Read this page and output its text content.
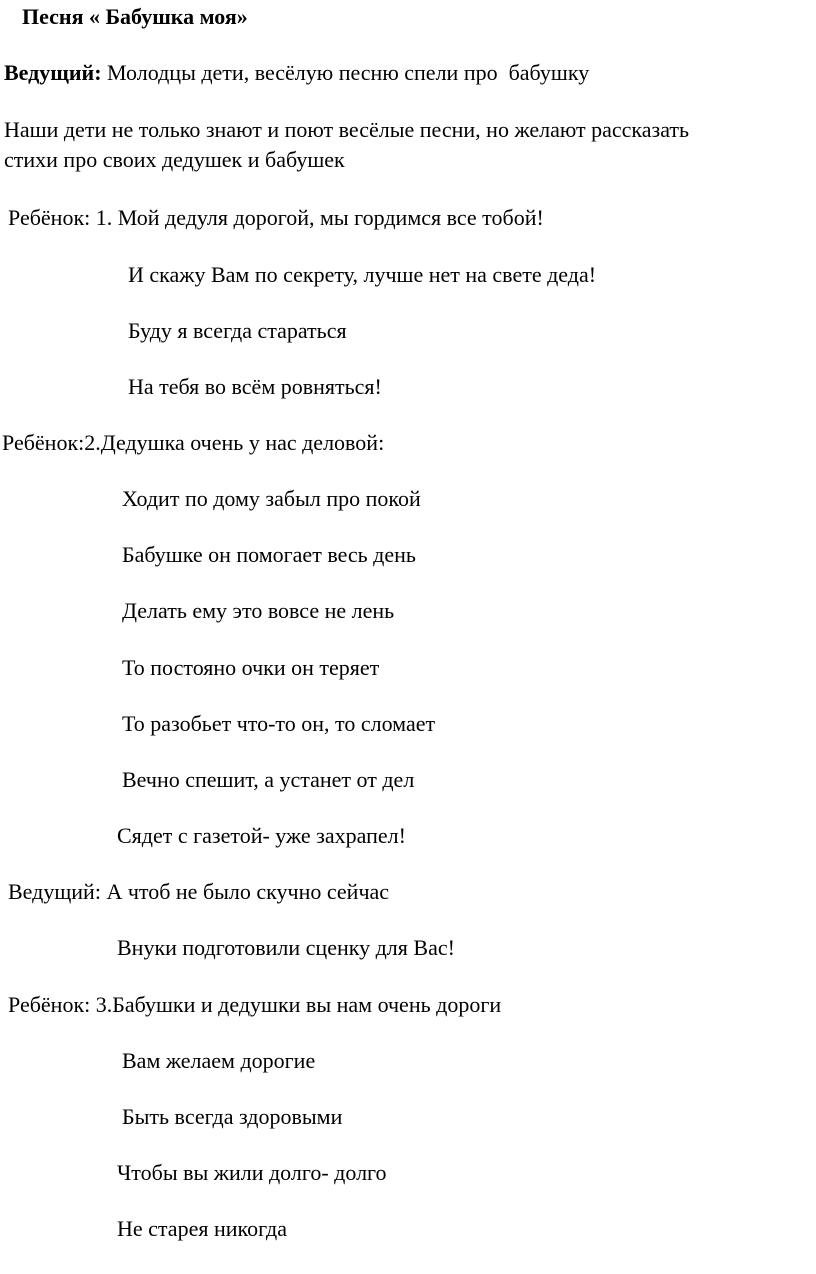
Песня « Бабушка моя»

Ведущий: Молодцы дети, весёлую песню спели про  бабушку

Наши дети не только знают и поют весёлые песни, но желают рассказать

стихи про своих дедушек и бабушек

Ребёнок: 1. Мой дедуля дорогой, мы гордимся все тобой!

И скажу Вам по секрету, лучше нет на свете деда!

Буду я всегда стараться

На тебя во всём ровняться!

Ребёнок:2.Дедушка очень у нас деловой:

Ходит по дому забыл про покой

Бабушке он помогает весь день

Делать ему это вовсе не лень

То постояно очки он теряет

То разобьет что-то он, то сломает

Вечно спешит, а устанет от дел

Сядет с газетой- уже захрапел!

Ведущий: А чтоб не было скучно сейчас

Внуки подготовили сценку для Вас!

Ребёнок: 3.Бабушки и дедушки вы нам очень дороги

Вам желаем дорогие

Быть всегда здоровыми

Чтобы вы жили долго- долго

Не старея никогда
